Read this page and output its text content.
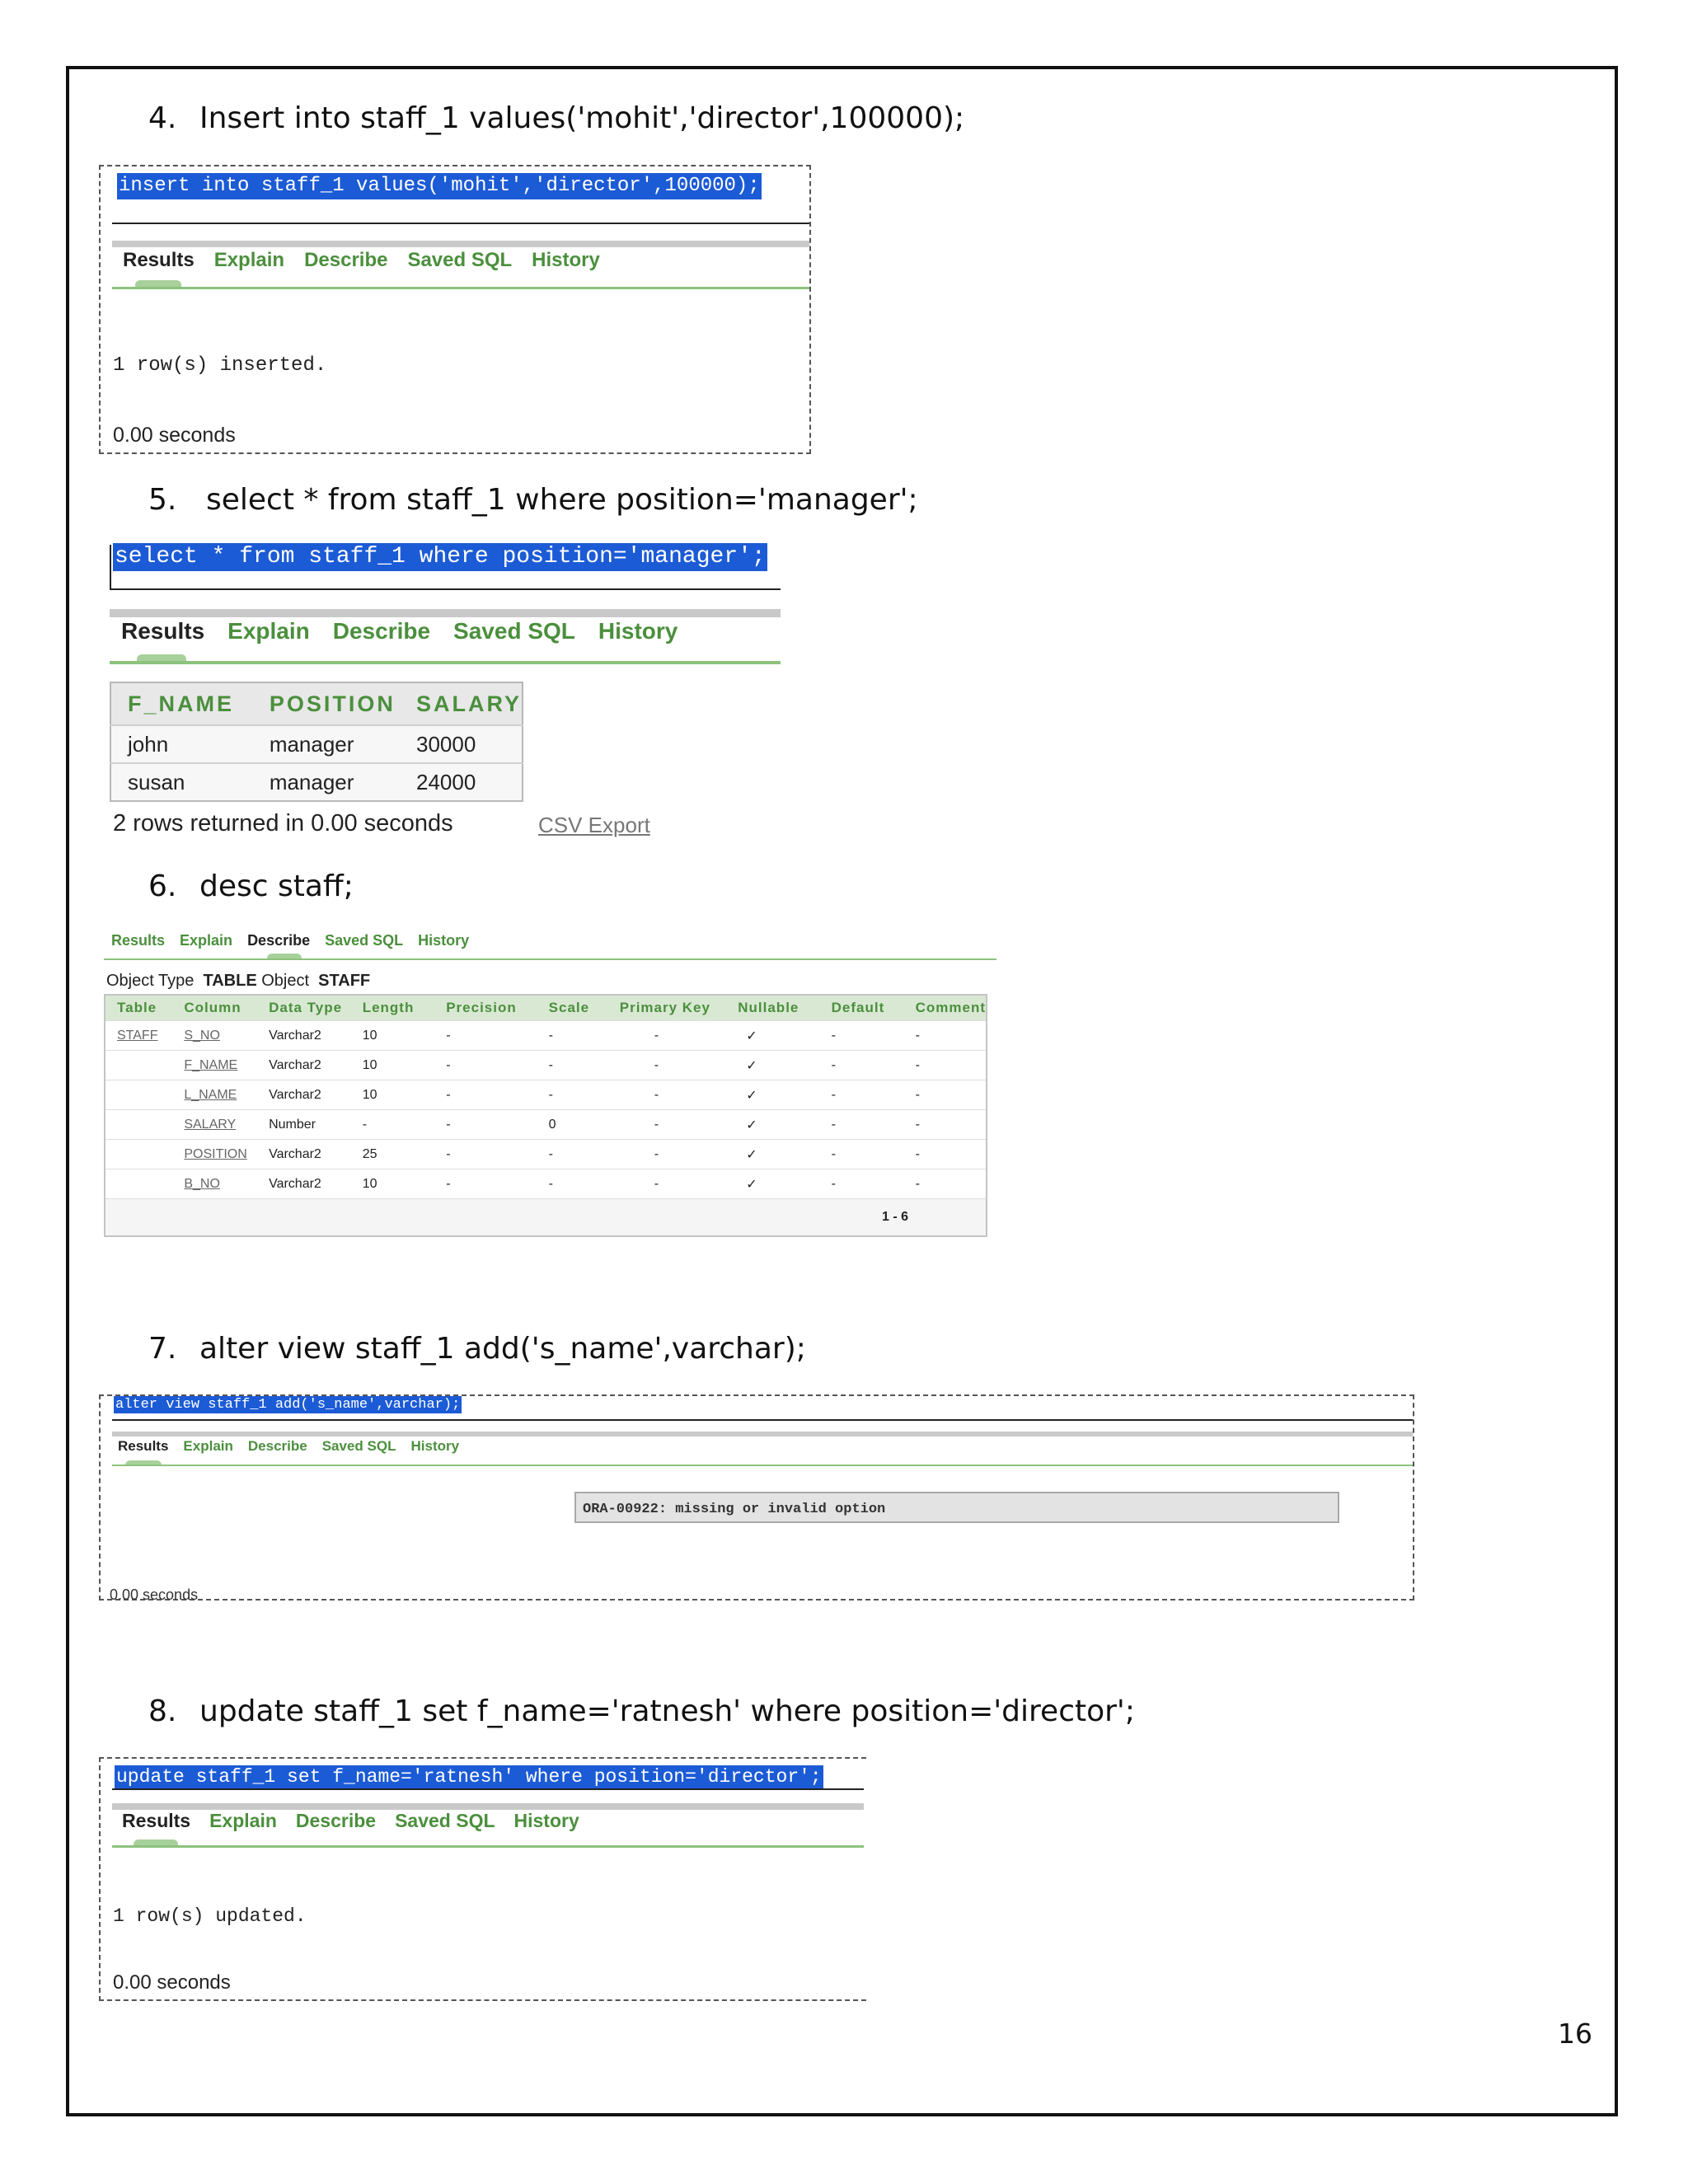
4. Insert into staff_1 values('mohit','director',100000);
insert into staff_1 values('mohit','director',100000);
Results Explain Describe Saved SQL History
1 row(s) inserted.
0.00 seconds
5. select * from staff_1 where position='manager';
select * from staff_1 where position='manager';
Results Explain Describe Saved SQL History
F_NAME	POSITION	SALARY
john	manager	30000
susan	manager	24000
2 rows returned in 0.00 seconds	CSV Export
6. desc staff;
Results Explain Describe Saved SQL History
Object Type TABLE Object STAFF
Table	Column	Data Type	Length	Precision	Scale	Primary Key	Nullable	Default	Comment
STAFF	S_NO	Varchar2	10	-	-	-	✓	-	-
	F_NAME	Varchar2	10	-	-	-	✓	-	-
	L_NAME	Varchar2	10	-	-	-	✓	-	-
	SALARY	Number	-	-	0	-	✓	-	-
	POSITION	Varchar2	25	-	-	-	✓	-	-
	B_NO	Varchar2	10	-	-	-	✓	-	-
1 - 6									
7. alter view staff_1 add('s_name',varchar);
alter view staff_1 add('s_name',varchar);
Results Explain Describe Saved SQL History
ORA-00922: missing or invalid option
0.00 seconds
8. update staff_1 set f_name='ratnesh' where position='director';
update staff_1 set f_name='ratnesh' where position='director';
Results Explain Describe Saved SQL History
1 row(s) updated.
0.00 seconds
16
